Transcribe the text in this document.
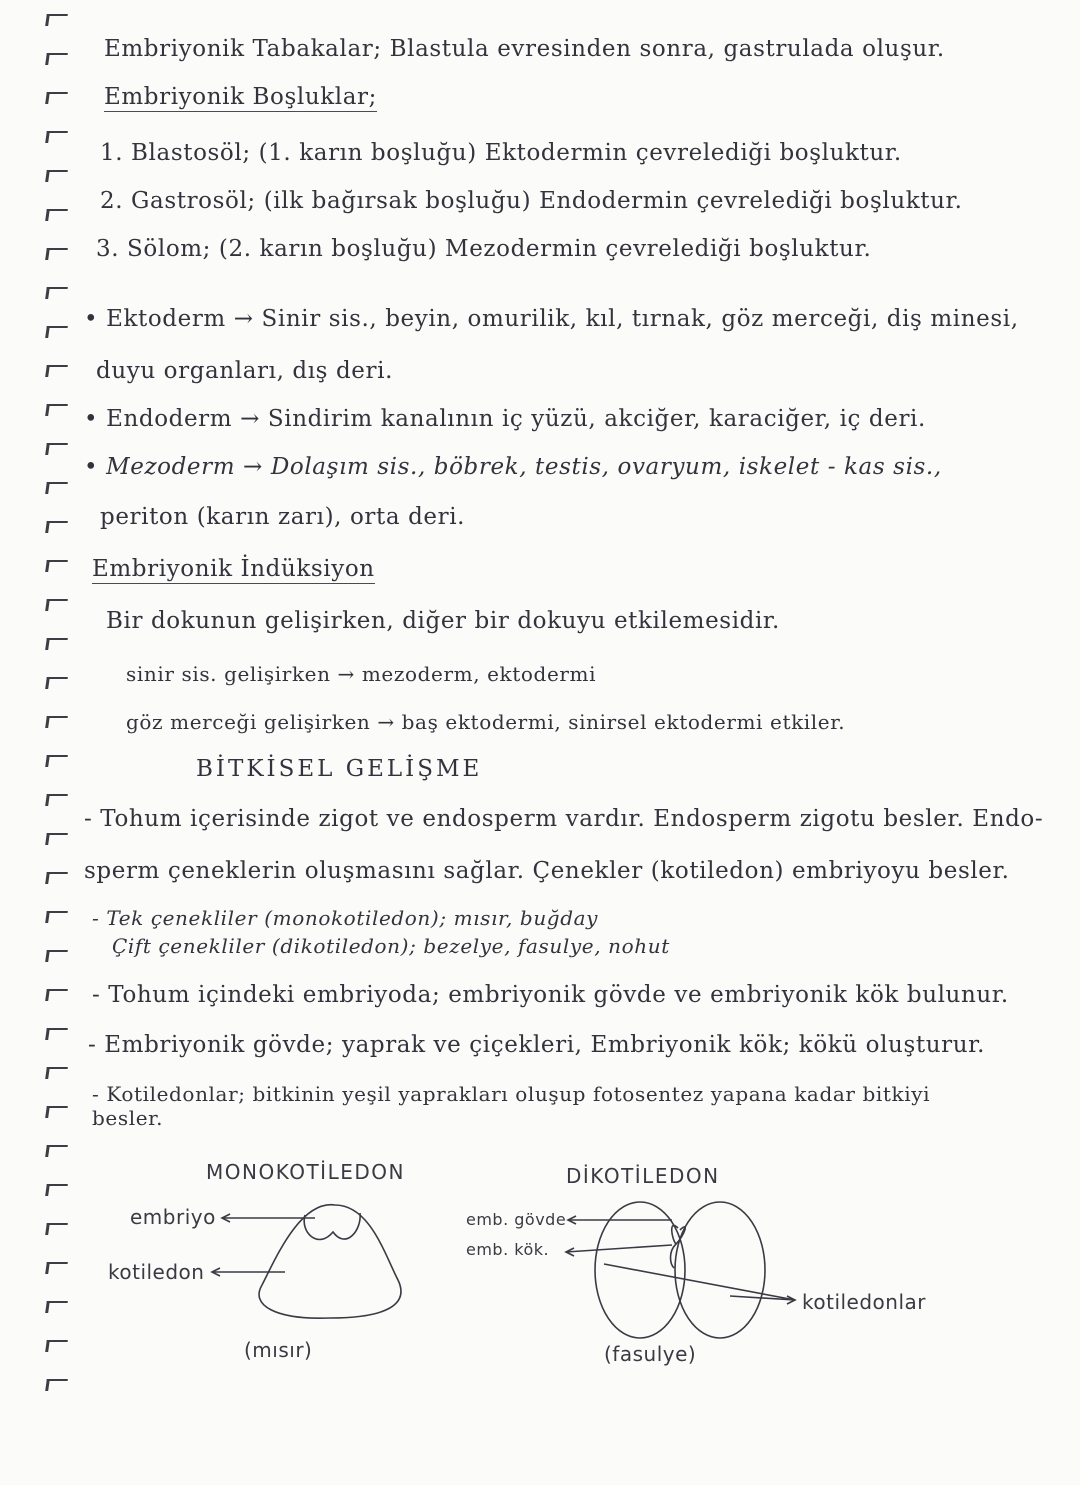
Embriyonik Tabakalar; Blastula evresinden sonra, gastrulada oluşur.
Embriyonik Boşluklar;
1. Blastosöl; (1. karın boşluğu) Ektodermin çevrelediği boşluktur.
2. Gastrosöl; (ilk bağırsak boşluğu) Endodermin çevrelediği boşluktur.
3. Sölom; (2. karın boşluğu) Mezodermin çevrelediği boşluktur.
• Ektoderm → Sinir sis., beyin, omurilik, kıl, tırnak, göz merceği, diş minesi,
duyu organları, dış deri.
• Endoderm → Sindirim kanalının iç yüzü, akciğer, karaciğer, iç deri.
• Mezoderm → Dolaşım sis., böbrek, testis, ovaryum, iskelet - kas sis.,
periton (karın zarı), orta deri.
Embriyonik İndüksiyon
Bir dokunun gelişirken, diğer bir dokuyu etkilemesidir.
sinir sis. gelişirken → mezoderm, ektodermi
göz merceği gelişirken → baş ektodermi, sinirsel ektodermi etkiler.
BİTKİSEL GELİŞME
- Tohum içerisinde zigot ve endosperm vardır. Endosperm zigotu besler. Endo-
sperm çeneklerin oluşmasını sağlar. Çenekler (kotiledon) embriyoyu besler.
- Tek çenekliler (monokotiledon); mısır, buğday
Çift çenekliler (dikotiledon); bezelye, fasulye, nohut
- Tohum içindeki embriyoda; embriyonik gövde ve embriyonik kök bulunur.
- Embriyonik gövde; yaprak ve çiçekleri, Embriyonik kök; kökü oluşturur.
- Kotiledonlar; bitkinin yeşil yaprakları oluşup fotosentez yapana kadar bitkiyi
besler.
MONOKOTİLEDON	DİKOTİLEDON
embriyo
kotiledon
(mısır)
emb. gövde
emb. kök.
kotiledonlar
(fasulye)
